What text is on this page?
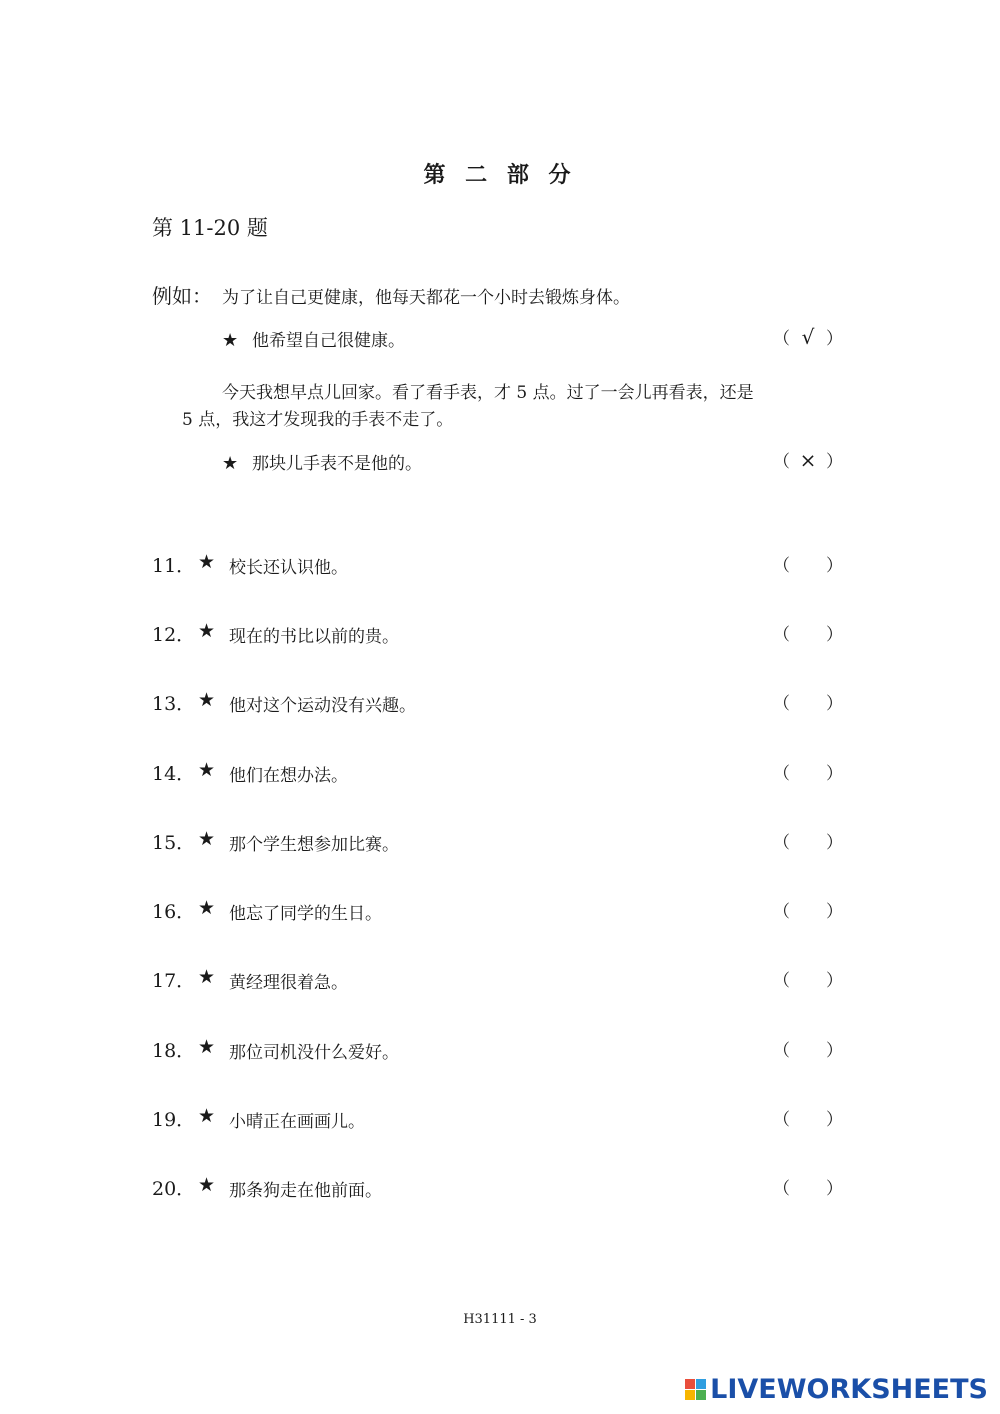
第 二 部 分
第 11-20 题
例如： 为了让自己更健康，他每天都花一个小时去锻炼身体。
★ 他希望自己很健康。	（ √ ）
今天我想早点儿回家。看了看手表，才 5 点。过了一会儿再看表，还是
5 点，我这才发现我的手表不走了。
★ 那块儿手表不是他的。	（ × ）
11． ★ 校长还认识他。	（ ）
12． ★ 现在的书比以前的贵。	（ ）
13． ★ 他对这个运动没有兴趣。	（ ）
14． ★ 他们在想办法。	（ ）
15． ★ 那个学生想参加比赛。	（ ）
16． ★ 他忘了同学的生日。	（ ）
17． ★ 黄经理很着急。	（ ）
18． ★ 那位司机没什么爱好。	（ ）
19． ★ 小晴正在画画儿。	（ ）
20． ★ 那条狗走在他前面。	（ ）
H31111 - 3
LIVEWORKSHEETS
